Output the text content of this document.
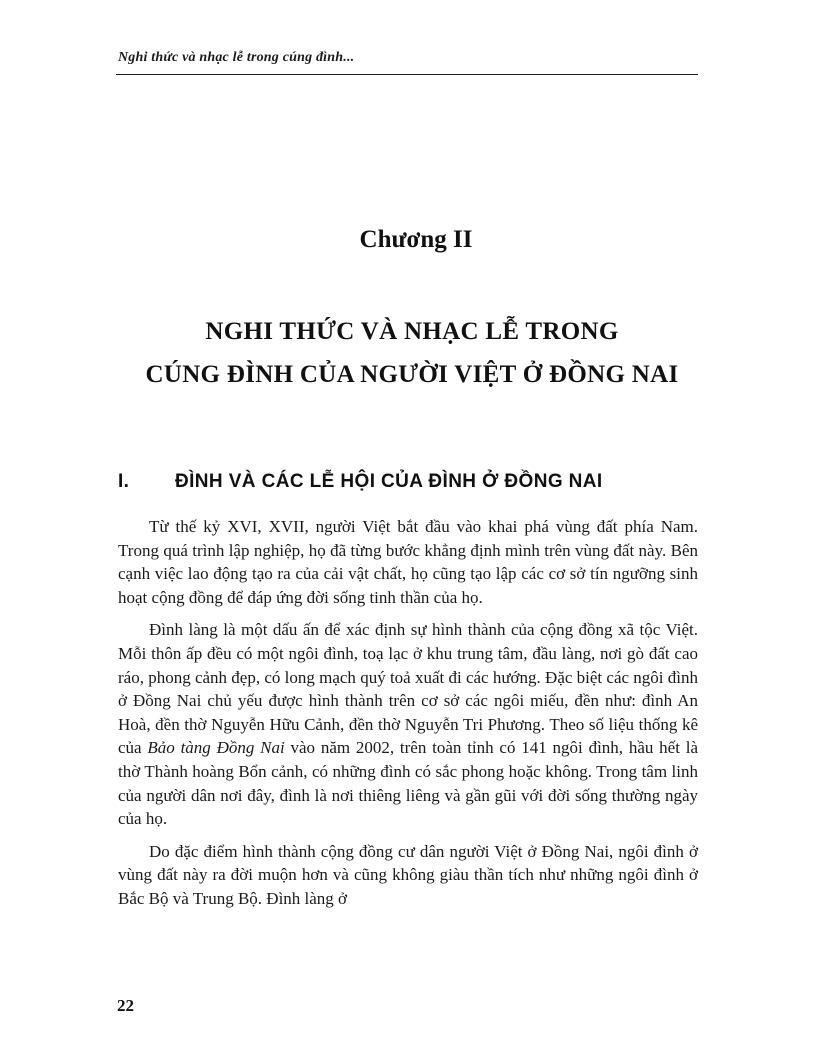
Nghi thức và nhạc lễ trong cúng đình...
Chương II
NGHI THỨC VÀ NHẠC LỄ TRONG
CÚNG ĐÌNH CỦA NGƯỜI VIỆT Ở ĐỒNG NAI
I. ĐÌNH VÀ CÁC LỄ HỘI CỦA ĐÌNH Ở ĐỒNG NAI

Từ thế kỷ XVI, XVII, người Việt bắt đầu vào khai phá vùng đất phía Nam. Trong quá trình lập nghiệp, họ đã từng bước khẳng định mình trên vùng đất này. Bên cạnh việc lao động tạo ra của cải vật chất, họ cũng tạo lập các cơ sở tín ngưỡng sinh hoạt cộng đồng để đáp ứng đời sống tinh thần của họ.

Đình làng là một dấu ấn để xác định sự hình thành của cộng đồng xã tộc Việt. Mỗi thôn ấp đều có một ngôi đình, toạ lạc ở khu trung tâm, đầu làng, nơi gò đất cao ráo, phong cảnh đẹp, có long mạch quý toả xuất đi các hướng. Đặc biệt các ngôi đình ở Đồng Nai chủ yếu được hình thành trên cơ sở các ngôi miếu, đền như: đình An Hoà, đền thờ Nguyễn Hữu Cảnh, đền thờ Nguyễn Tri Phương. Theo số liệu thống kê của Bảo tàng Đồng Nai vào năm 2002, trên toàn tỉnh có 141 ngôi đình, hầu hết là thờ Thành hoàng Bổn cảnh, có những đình có sắc phong hoặc không. Trong tâm linh của người dân nơi đây, đình là nơi thiêng liêng và gần gũi với đời sống thường ngày của họ.

Do đặc điểm hình thành cộng đồng cư dân người Việt ở Đồng Nai, ngôi đình ở vùng đất này ra đời muộn hơn và cũng không giàu thần tích như những ngôi đình ở Bắc Bộ và Trung Bộ. Đình làng ở

22
